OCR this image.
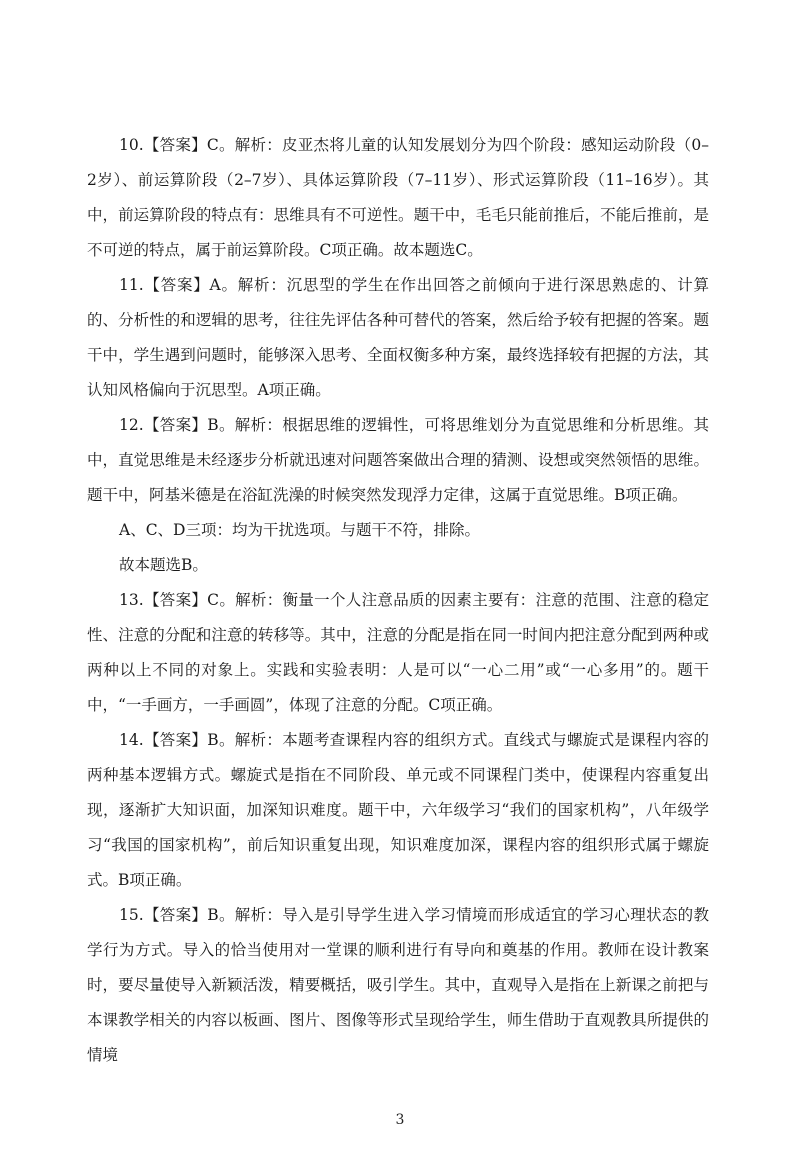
10.【答案】C。解析：皮亚杰将儿童的认知发展划分为四个阶段：感知运动阶段（0–2岁）、前运算阶段（2–7岁）、具体运算阶段（7–11岁）、形式运算阶段（11–16岁）。其中，前运算阶段的特点有：思维具有不可逆性。题干中，毛毛只能前推后，不能后推前，是不可逆的特点，属于前运算阶段。C项正确。故本题选C。

11.【答案】A。解析：沉思型的学生在作出回答之前倾向于进行深思熟虑的、计算的、分析性的和逻辑的思考，往往先评估各种可替代的答案，然后给予较有把握的答案。题干中，学生遇到问题时，能够深入思考、全面权衡多种方案，最终选择较有把握的方法，其认知风格偏向于沉思型。A项正确。

12.【答案】B。解析：根据思维的逻辑性，可将思维划分为直觉思维和分析思维。其中，直觉思维是未经逐步分析就迅速对问题答案做出合理的猜测、设想或突然领悟的思维。题干中，阿基米德是在浴缸洗澡的时候突然发现浮力定律，这属于直觉思维。B项正确。

A、C、D三项：均为干扰选项。与题干不符，排除。

故本题选B。

13.【答案】C。解析：衡量一个人注意品质的因素主要有：注意的范围、注意的稳定性、注意的分配和注意的转移等。其中，注意的分配是指在同一时间内把注意分配到两种或两种以上不同的对象上。实践和实验表明：人是可以“一心二用”或“一心多用”的。题干中，“一手画方，一手画圆”，体现了注意的分配。C项正确。

14.【答案】B。解析：本题考查课程内容的组织方式。直线式与螺旋式是课程内容的两种基本逻辑方式。螺旋式是指在不同阶段、单元或不同课程门类中，使课程内容重复出现，逐渐扩大知识面，加深知识难度。题干中，六年级学习“我们的国家机构”，八年级学习“我国的国家机构”，前后知识重复出现，知识难度加深，课程内容的组织形式属于螺旋式。B项正确。

15.【答案】B。解析：导入是引导学生进入学习情境而形成适宜的学习心理状态的教学行为方式。导入的恰当使用对一堂课的顺利进行有导向和奠基的作用。教师在设计教案时，要尽量使导入新颖活泼，精要概括，吸引学生。其中，直观导入是指在上新课之前把与本课教学相关的内容以板画、图片、图像等形式呈现给学生，师生借助于直观教具所提供的情境

3
